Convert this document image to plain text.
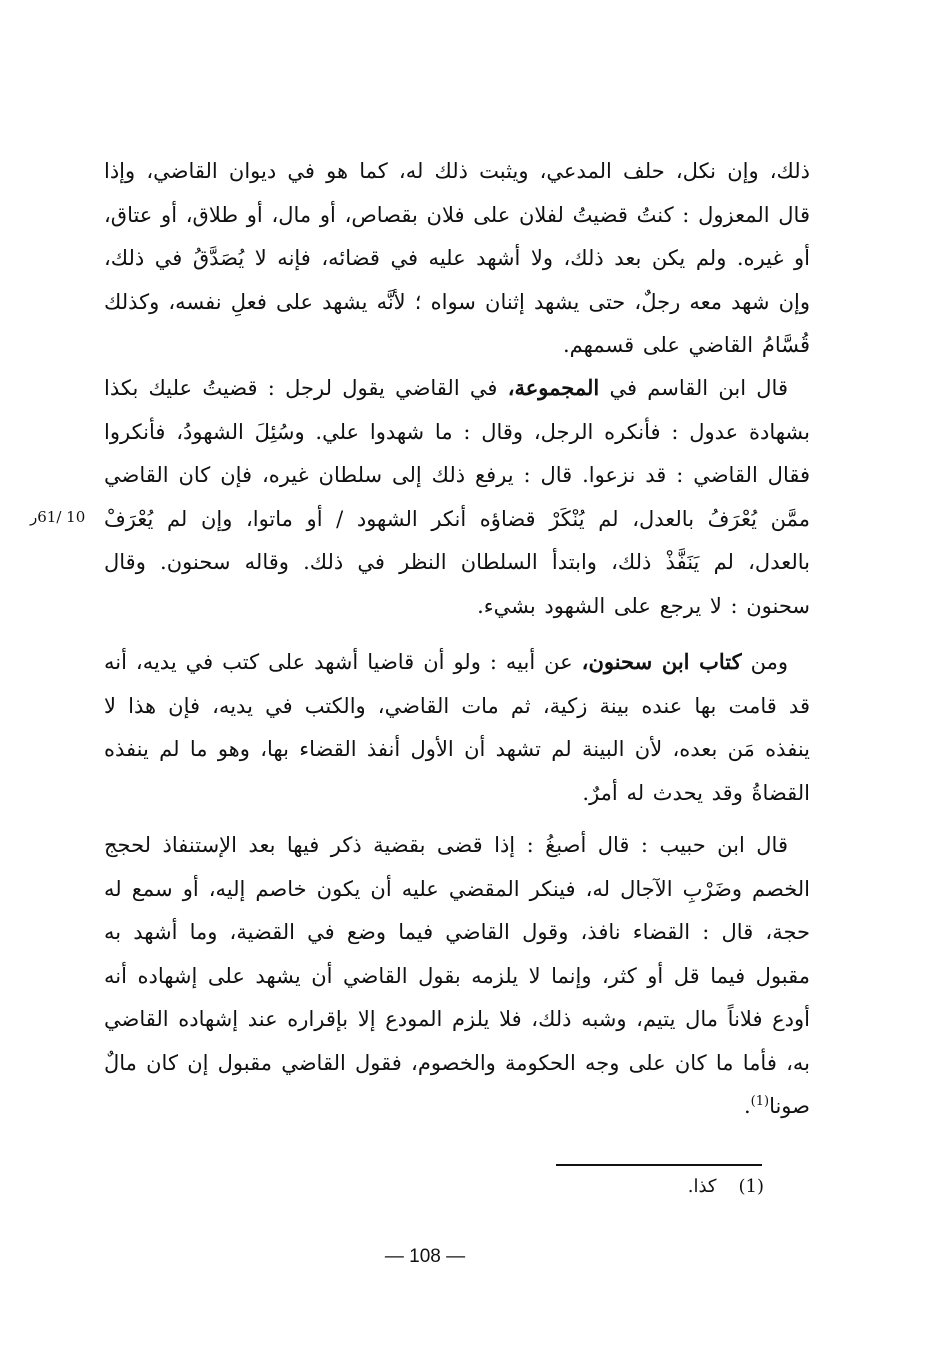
ذلك، وإن نكل، حلف المدعي، ويثبت ذلك له، كما هو في ديوان القاضي، وإذا قال المعزول : كنتُ قضيتُ لفلان على فلان بقصاص، أو مال، أو طلاق، أو عتاق، أو غيره. ولم يكن بعد ذلك، ولا أشهد عليه في قضائه، فإنه لا يُصَدَّقُ في ذلك، وإن شهد معه رجلٌ، حتى يشهد إثنان سواه ؛ لأنَّه يشهد على فعلِ نفسه، وكذلك قُسَّامُ القاضي على قسمهم.

قال ابن القاسم في المجموعة، في القاضي يقول لرجل : قضيتُ عليك بكذا بشهادة عدول : فأنكره الرجل، وقال : ما شهدوا علي. وسُئِلَ الشهودُ، فأنكروا فقال القاضي : قد نزعوا. قال : يرفع ذلك إلى سلطان غيره، فإن كان القاضي ممَّن يُعْرَفُ بالعدل، لم يُنْكَرْ قضاؤه أنكر الشهود / أو ماتوا، وإن لم يُعْرَفْ بالعدل، لم يَنَفَّذْ ذلك، وابتدأ السلطان النظر في ذلك. وقاله سحنون. وقال سحنون : لا يرجع على الشهود بشيء.

10 /61ر

ومن كتاب ابن سحنون، عن أبيه : ولو أن قاضيا أشهد على كتب في يديه، أنه قد قامت بها عنده بينة زكية، ثم مات القاضي، والكتب في يديه، فإن هذا لا ينفذه مَن بعده، لأن البينة لم تشهد أن الأول أنفذ القضاء بها، وهو ما لم ينفذه القضاةُ وقد يحدث له أمرٌ.

قال ابن حبيب : قال أصبغُ : إذا قضى بقضية ذكر فيها بعد الإستنفاذ لحجج الخصم وضَرْبِ الآجال له، فينكر المقضي عليه أن يكون خاصم إليه، أو سمع له حجة، قال : القضاء نافذ، وقول القاضي فيما وضع في القضية، وما أشهد به مقبول فيما قل أو كثر، وإنما لا يلزمه بقول القاضي أن يشهد على إشهاده أنه أودع فلاناً مال يتيم، وشبه ذلك، فلا يلزم المودع إلا بإقراره عند إشهاده القاضي به، فأما ما كان على وجه الحكومة والخصوم، فقول القاضي مقبول إن كان مالٌ صونا$^{(1)}$.

(1)كذا.
— 108 —
